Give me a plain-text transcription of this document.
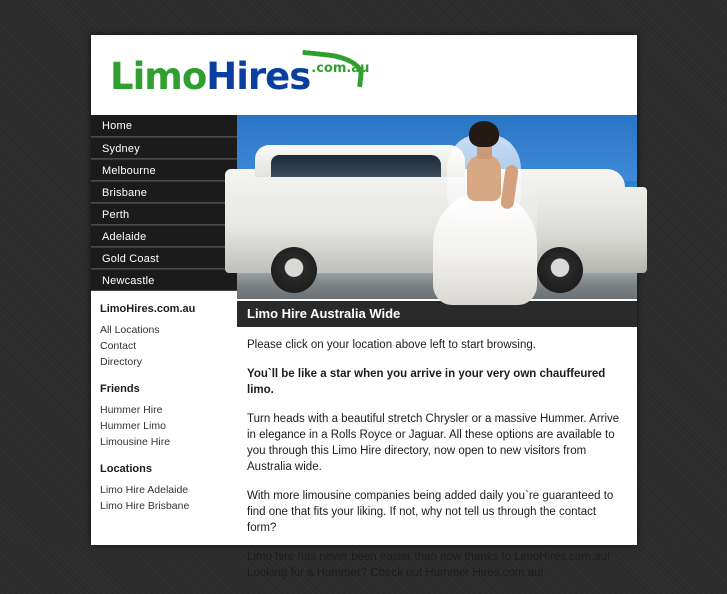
LimoHires$^{.com.au}$
Home
Sydney
Melbourne
Brisbane
Perth
Adelaide
Gold Coast
Newcastle
LimoHires.com.au
All Locations
Contact
Directory
Friends
Hummer Hire
Hummer Limo
Limousine Hire
Locations
Limo Hire Adelaide
Limo Hire Brisbane
Limo Hire Australia Wide

Please click on your location above left to start browsing.

You`ll be like a star when you arrive in your very own chauffeured limo.

Turn heads with a beautiful stretch Chrysler or a massive Hummer. Arrive in elegance in a Rolls Royce or Jaguar. All these options are available to you through this Limo Hire directory, now open to new visitors from Australia wide.

With more limousine companies being added daily you`re guaranteed to find one that fits your liking. If not, why not tell us through the contact form?

Limo hire has never been easier than now thanks to LimoHires.com.au! Looking for a Hummer? Check out Hummer Hires.com.au!
